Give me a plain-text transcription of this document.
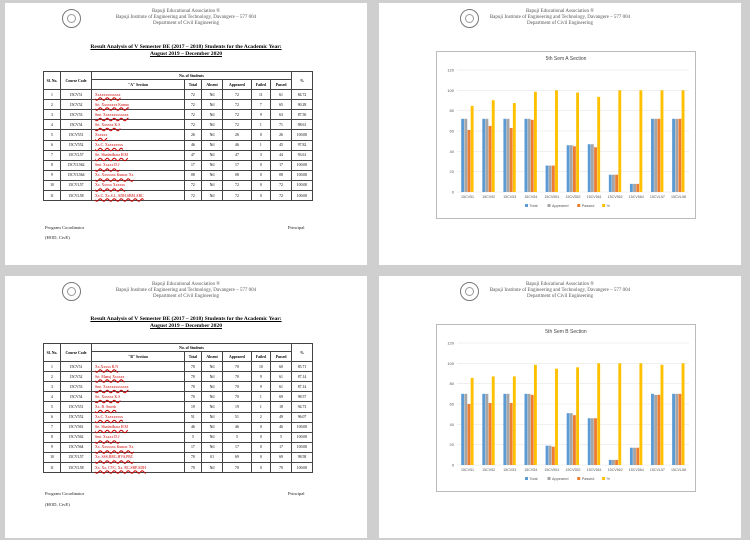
Bapuji Educational Association ®
Bapuji Institute of Engineering and Technology, Davangere – 577 004
Department of Civil Engineering
Result Analysis of V Semester BE (2017 – 2018) Students for the Academic Year:
August 2019 – December 2020
Sl. No.	Course Code	No. of Students						%
		"A" Section	Total	Absent	Appeared	Failed	Passed	
1	15CV51	Xxxxxxxxxxxxx	72	Nil	72	11	61	84.72
2	15CV52	Sri. Xxxxxxxx Kumar	72	Nil	72	7	65	90.28
3	15CV53	Smt. Xxxxxxxxxxxxx	72	Nil	72	9	63	87.50
4	15CV54	Sri. Xxxxxx K.S	72	Nil	72	1	71	98.61
5	15CV551	Xxxxxx	26	Nil	26	0	26	100.00
6	15CV552	Xx.C. Xxxxxxxxx	46	Nil	46	1	45	97.82
7	15CVL57	Sri. Shashidhara H.M	47	Nil	47	3	44	93.61
8	15CVL562	Smt. Xxxxx D.J	17	Nil	17	0	17	100.00
9	15CVL564	Xx. Xxxxxxx Kumar. Xx	08	Nil	08	0	08	100.00
10	15CVL57	Xx. Xxxxx Xxxxxx	72	Nil	72	0	72	100.00
11	15CVL58	Xx.C. Xx.S.L, ADH,SBM,ARC	72	Nil	72	0	72	100.00
Program Coordinator
(HOD, CivE)
Principal
Bapuji Educational Association ®
Bapuji Institute of Engineering and Technology, Davangere – 577 004
Department of Civil Engineering
5th Sem A Section
0
20
40
60
80
100
120
15CV51 15CV52 15CV53 15CV54 15CV551 15CV552 15CV561 15CV562 15CV564 15CVL57 15CVL58
Total	Appeared	Passed	%
Bapuji Educational Association ®
Bapuji Institute of Engineering and Technology, Davangere – 577 004
Department of Civil Engineering
Result Analysis of V Semester BE (2017 – 2018) Students for the Academic Year:
August 2019 – December 2020
Sl. No.	Course Code	No. of Students						%
		"B" Section	Total	Absent	Appeared	Failed	Passed	
1	15CV51	Xx.Xxxxx R.N	70	Nil	70	10	60	85.71
2	15CV52	Sri. Manuj Xxxxxx	70	Nil	70	9	61	87.14
3	15CV53	Smt. Xxxxxxxxxxxxx	70	Nil	70	9	61	87.14
4	15CV54	Sri. Xxxxxx K.S	70	Nil	70	1	69	98.57
5	15CV551	Xx. B. Suresh	19	Nil	19	1	18	94.73
6	15CV552	Xx.C. Xxxxxxxxx	51	Nil	51	2	49	96.07
7	15CV561	Sri. Shashidhara H.M	46	Nil	46	0	46	100.00
8	15CV562	Smt. Xxxxx D.J	5	Nil	5	0	5	100.00
9	15CV564	Xx. Xxxxxxx Kumar. Xx	17	Nil	17	0	17	100.00
10	15CVL57	Xx. SSS,RRG,HVS,PRC	70	01	69	0	69	98.58
11	15CVL58	Xx. Xx, CVC, Xx. RC,SBP,ADH	70	Nil	70	0	70	100.00
Program Coordinator
(HOD, CivE)
Principal
Bapuji Educational Association ®
Bapuji Institute of Engineering and Technology, Davangere – 577 004
Department of Civil Engineering
5th Sem B Section
0
20
40
60
80
100
120
15CV51 15CV52 15CV53 15CV54 15CV551 15CV552 15CV561 15CV562 15CV564 15CVL57 15CVL58
Total	Appeared	Passed	%
